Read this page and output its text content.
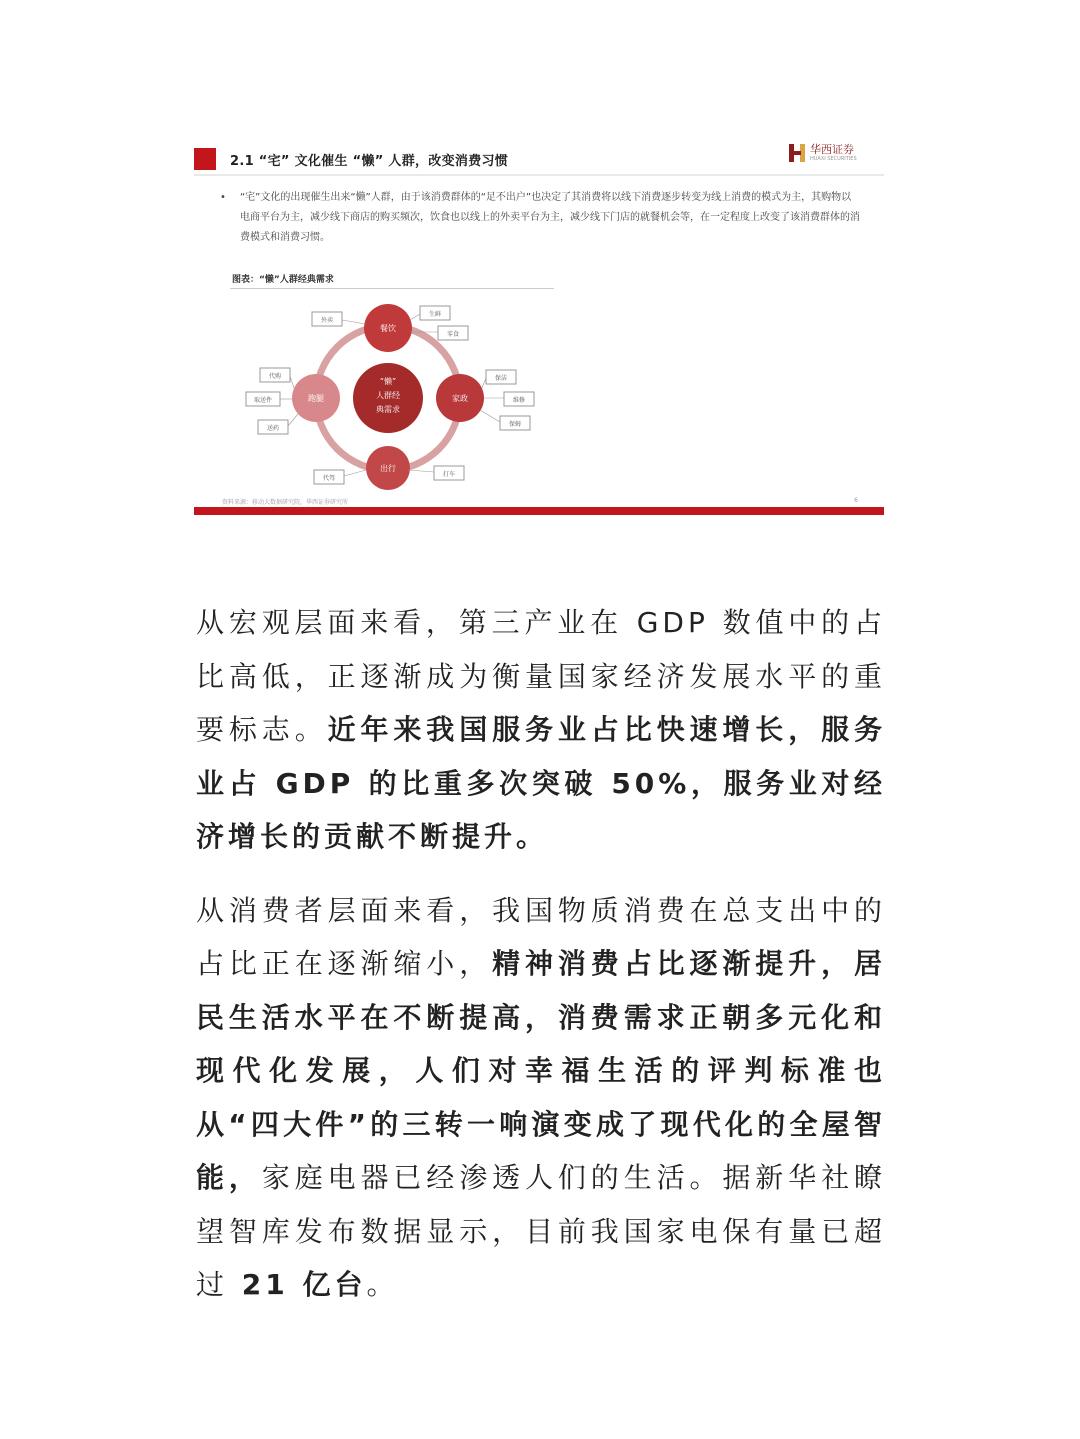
2.1 “宅” 文化催生 “懒” 人群，改变消费习惯
华西证券
HUAXI SECURITIES
• “宅”文化的出现催生出来“懒”人群，由于该消费群体的“足不出户”也决定了其消费将以线下消费逐步转变为线上消费的模式为主，其购物以电商平台为主，减少线下商店的购买频次，饮食也以线上的外卖平台为主，减少线下门店的就餐机会等，在一定程度上改变了该消费群体的消费模式和消费习惯。
图表：“懒”人群经典需求
“懒”
人群经
典需求
餐饮
家政
出行
跑腿
外卖
生鲜
零食
保洁
维修
保姆
打车
代驾
代购
取送件
送药
资料来源：移动大数据研究院，华西证券研究所	6

从宏观层面来看，第三产业在 GDP 数值中的占比高低，正逐渐成为衡量国家经济发展水平的重要标志。近年来我国服务业占比快速增长，服务业占 GDP 的比重多次突破 50%，服务业对经济增长的贡献不断提升。

从消费者层面来看，我国物质消费在总支出中的占比正在逐渐缩小，精神消费占比逐渐提升，居民生活水平在不断提高，消费需求正朝多元化和现代化发展，人们对幸福生活的评判标准也从“四大件”的三转一响演变成了现代化的全屋智能，家庭电器已经渗透人们的生活。据新华社瞭望智库发布数据显示，目前我国家电保有量已超过 21 亿台。
